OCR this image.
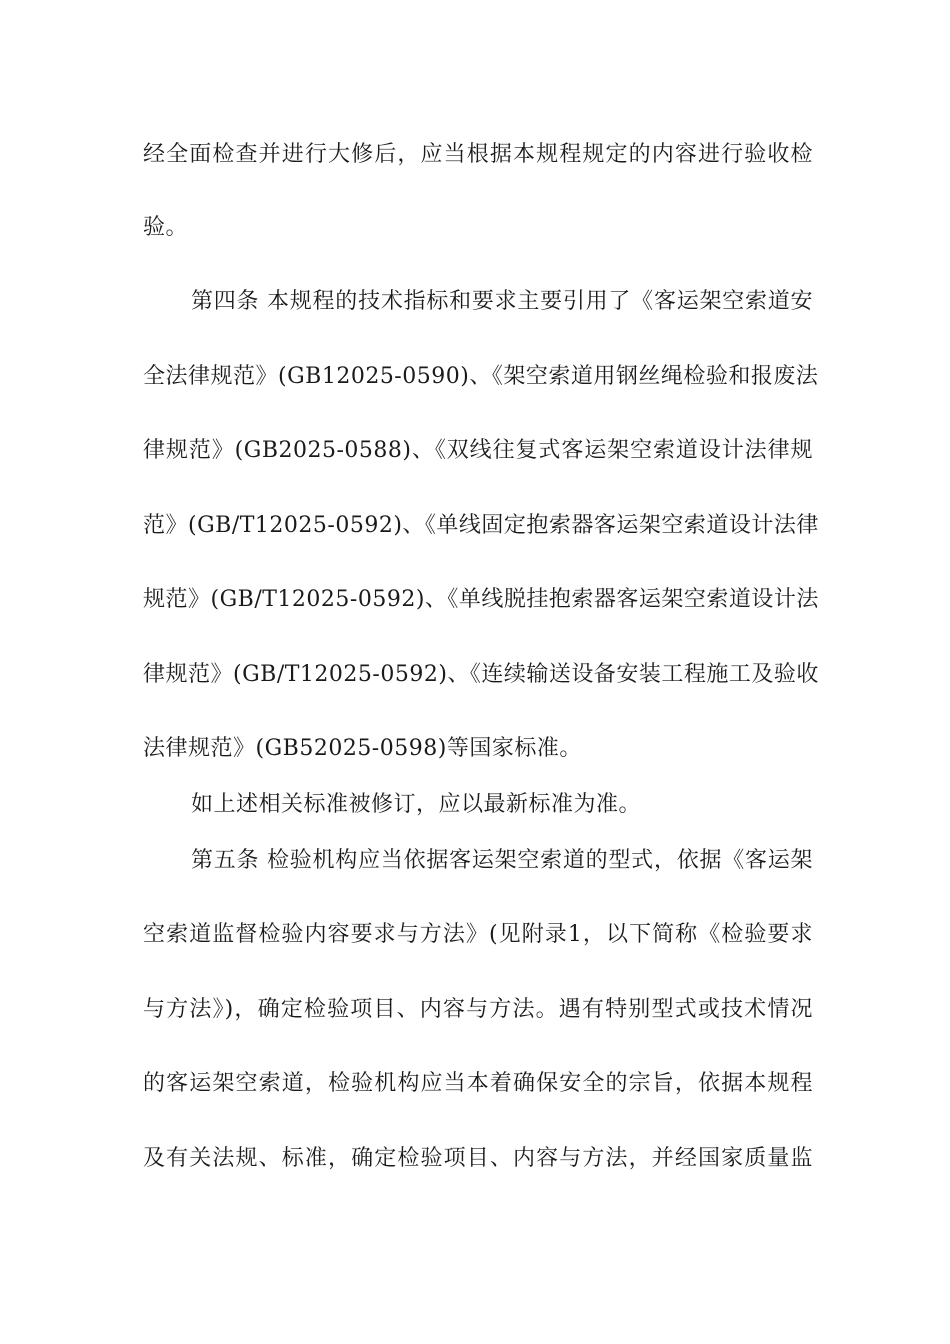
经全面检查并进行大修后，应当根据本规程规定的内容进行验收检
验。
第四条 本规程的技术指标和要求主要引用了《客运架空索道安
全法律规范》(GB12025-0590)、《架空索道用钢丝绳检验和报废法
律规范》(GB2025-0588)、《双线往复式客运架空索道设计法律规
范》(GB/T12025-0592)、《单线固定抱索器客运架空索道设计法律
规范》(GB/T12025-0592)、《单线脱挂抱索器客运架空索道设计法
律规范》(GB/T12025-0592)、《连续输送设备安装工程施工及验收
法律规范》(GB52025-0598)等国家标准。
如上述相关标准被修订，应以最新标准为准。
第五条 检验机构应当依据客运架空索道的型式，依据《客运架
空索道监督检验内容要求与方法》(见附录1，以下简称《检验要求
与方法》)，确定检验项目、内容与方法。遇有特别型式或技术情况
的客运架空索道，检验机构应当本着确保安全的宗旨，依据本规程
及有关法规、标准，确定检验项目、内容与方法，并经国家质量监
